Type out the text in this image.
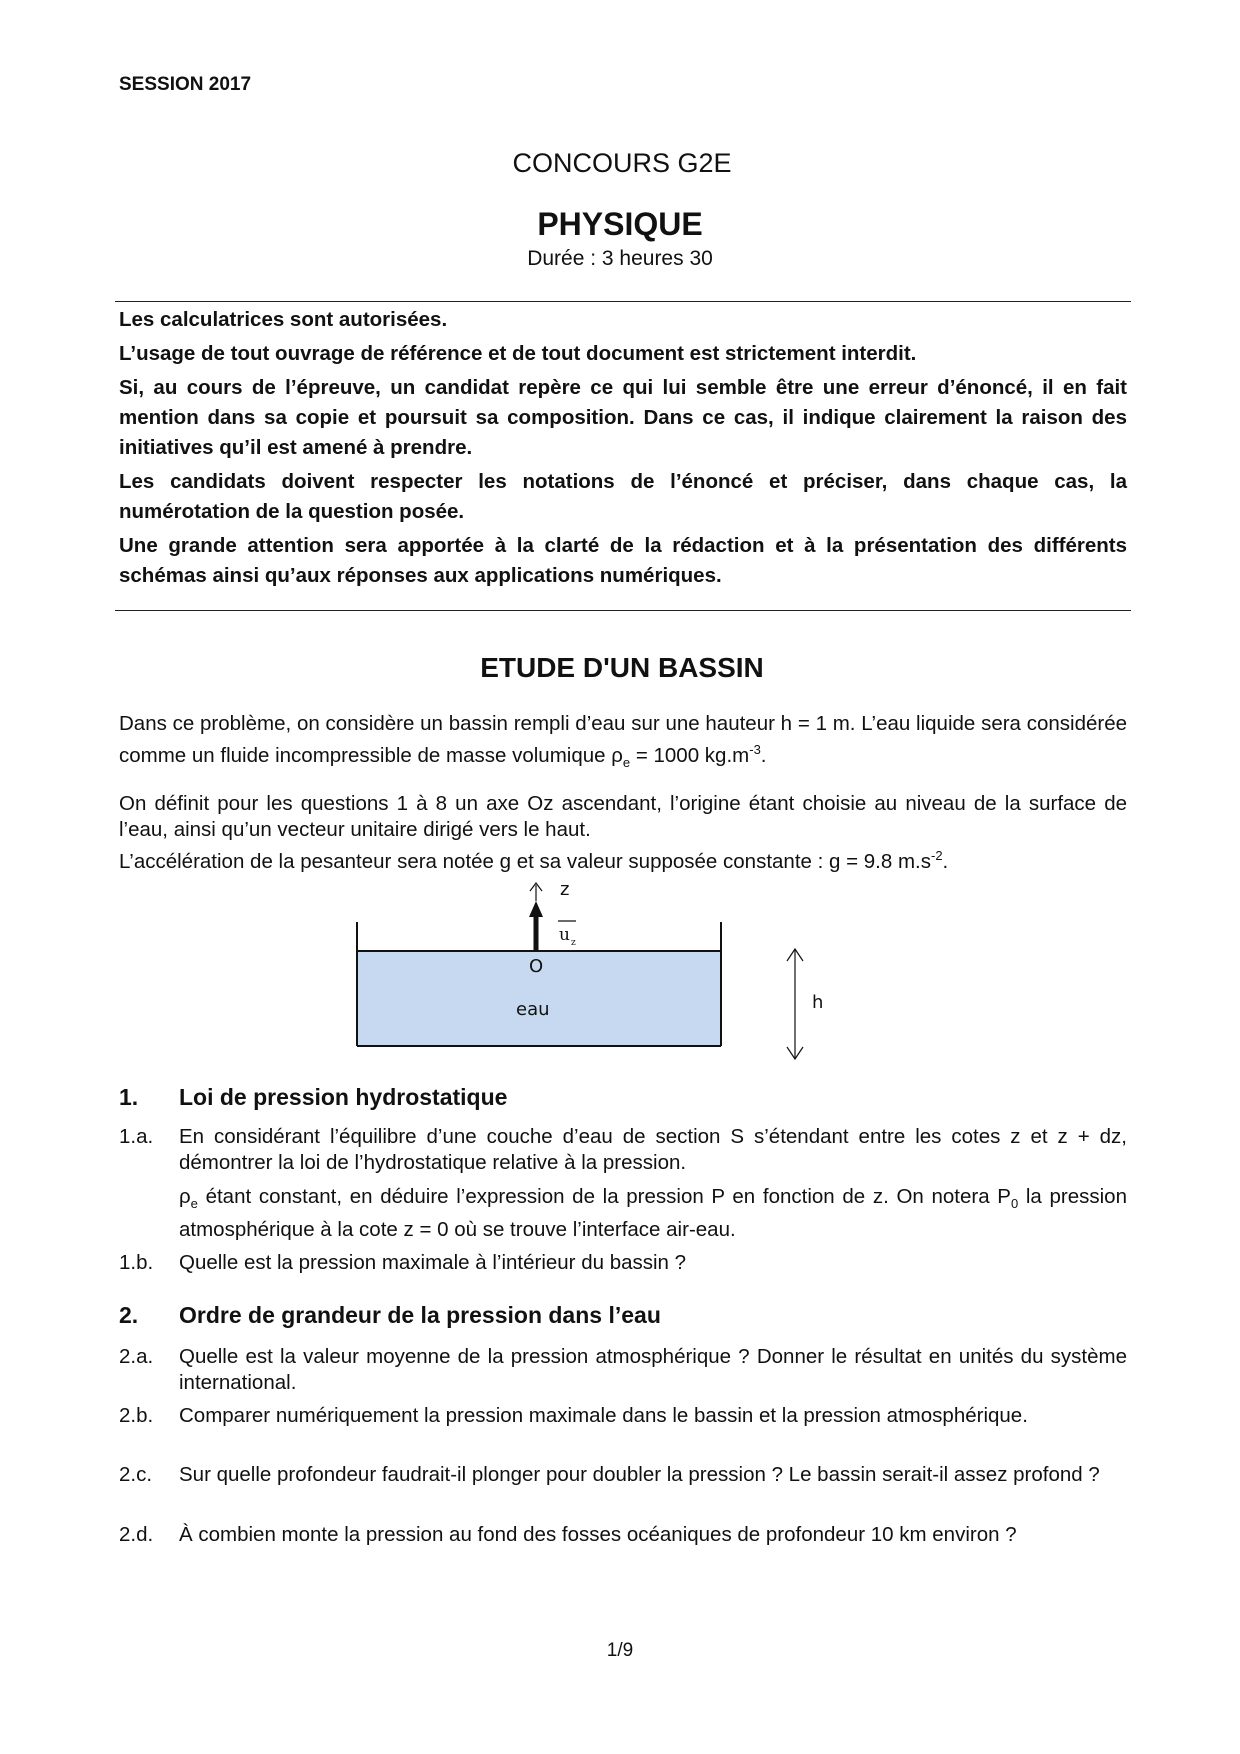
SESSION 2017
CONCOURS G2E
PHYSIQUE
Durée : 3 heures 30

Les calculatrices sont autorisées.

L’usage de tout ouvrage de référence et de tout document est strictement interdit.

Si, au cours de l’épreuve, un candidat repère ce qui lui semble être une erreur d’énoncé, il en fait mention dans sa copie et poursuit sa composition. Dans ce cas, il indique clairement la raison des initiatives qu’il est amené à prendre.

Les candidats doivent respecter les notations de l’énoncé et préciser, dans chaque cas, la numérotation de la question posée.

Une grande attention sera apportée à la clarté de la rédaction et à la présentation des différents schémas ainsi qu’aux réponses aux applications numériques.

ETUDE D'UN BASSIN

Dans ce problème, on considère un bassin rempli d’eau sur une hauteur h = 1 m. L’eau liquide sera considérée comme un fluide incompressible de masse volumique $\rho_e = 1000$ $kg.m^{-3}$.

On définit pour les questions 1 à 8 un axe Oz ascendant, l’origine étant choisie au niveau de la surface de l’eau, ainsi qu’un vecteur unitaire dirigé vers le haut.

L’accélération de la pesanteur sera notée g et sa valeur supposée constante : g = 9.8 $m.s^{-2}$.

z
u z
O
eau	h
1. Loi de pression hydrostatique
1.a. En considérant l’équilibre d’une couche d’eau de section S s’étendant entre les cotes z et z + dz, démontrer la loi de l’hydrostatique relative à la pression.
$\rho_e$ étant constant, en déduire l’expression de la pression P en fonction de z. On notera $P_0$ la pression atmosphérique à la cote z = 0 où se trouve l’interface air-eau.
1.b. Quelle est la pression maximale à l’intérieur du bassin ?
2. Ordre de grandeur de la pression dans l’eau
2.a. Quelle est la valeur moyenne de la pression atmosphérique ? Donner le résultat en unités du système international.
2.b. Comparer numériquement la pression maximale dans le bassin et la pression atmosphérique.
2.c. Sur quelle profondeur faudrait-il plonger pour doubler la pression ? Le bassin serait-il assez profond ?
2.d. À combien monte la pression au fond des fosses océaniques de profondeur 10 km environ ?
1/9
